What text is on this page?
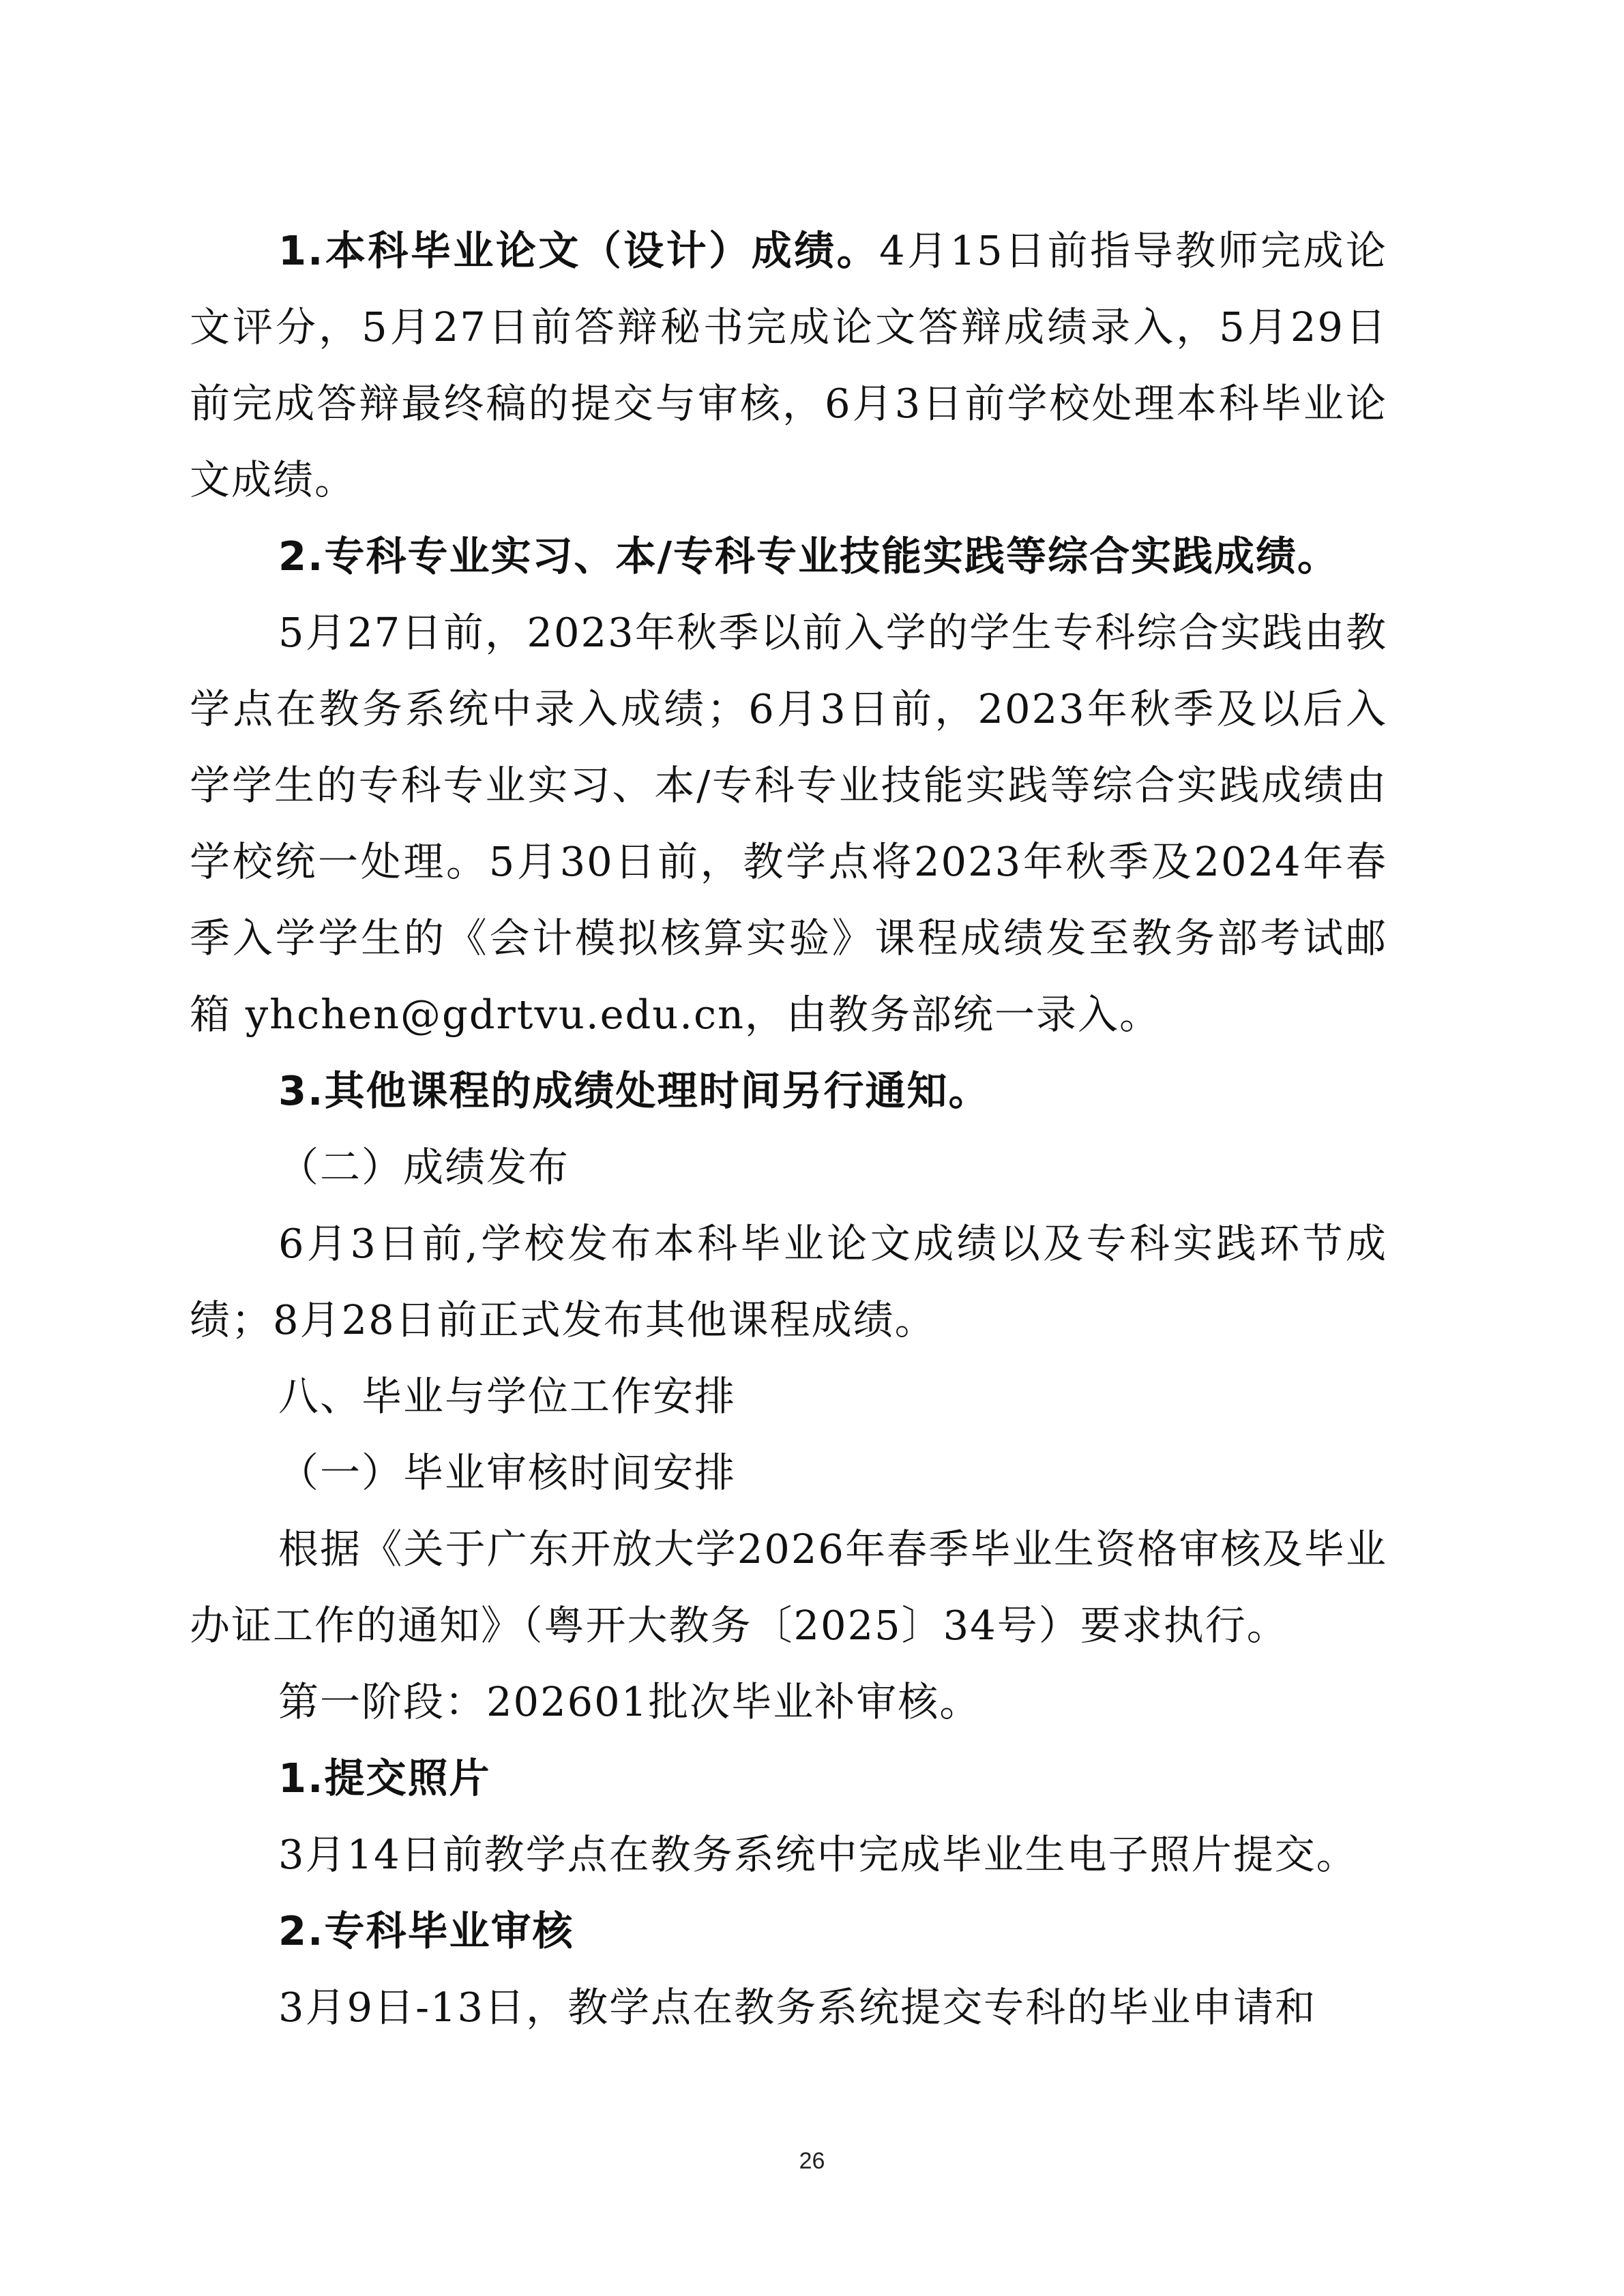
1.本科毕业论文（设计）成绩。4月15日前指导教师完成论文评分，5月27日前答辩秘书完成论文答辩成绩录入，5月29日前完成答辩最终稿的提交与审核，6月3日前学校处理本科毕业论文成绩。

2.专科专业实习、本/专科专业技能实践等综合实践成绩。

5月27日前，2023年秋季以前入学的学生专科综合实践由教学点在教务系统中录入成绩；6月3日前，2023年秋季及以后入学学生的专科专业实习、本/专科专业技能实践等综合实践成绩由学校统一处理。5月30日前，教学点将2023年秋季及2024年春季入学学生的《会计模拟核算实验》课程成绩发至教务部考试邮箱 yhchen@gdrtvu.edu.cn，由教务部统一录入。

3.其他课程的成绩处理时间另行通知。

（二）成绩发布

6月3日前,学校发布本科毕业论文成绩以及专科实践环节成绩；8月28日前正式发布其他课程成绩。

八、毕业与学位工作安排

（一）毕业审核时间安排

根据《关于广东开放大学2026年春季毕业生资格审核及毕业办证工作的通知》（粤开大教务〔2025〕34号）要求执行。

第一阶段：202601批次毕业补审核。

1.提交照片

3月14日前教学点在教务系统中完成毕业生电子照片提交。

2.专科毕业审核

3月9日-13日，教学点在教务系统提交专科的毕业申请和

26
